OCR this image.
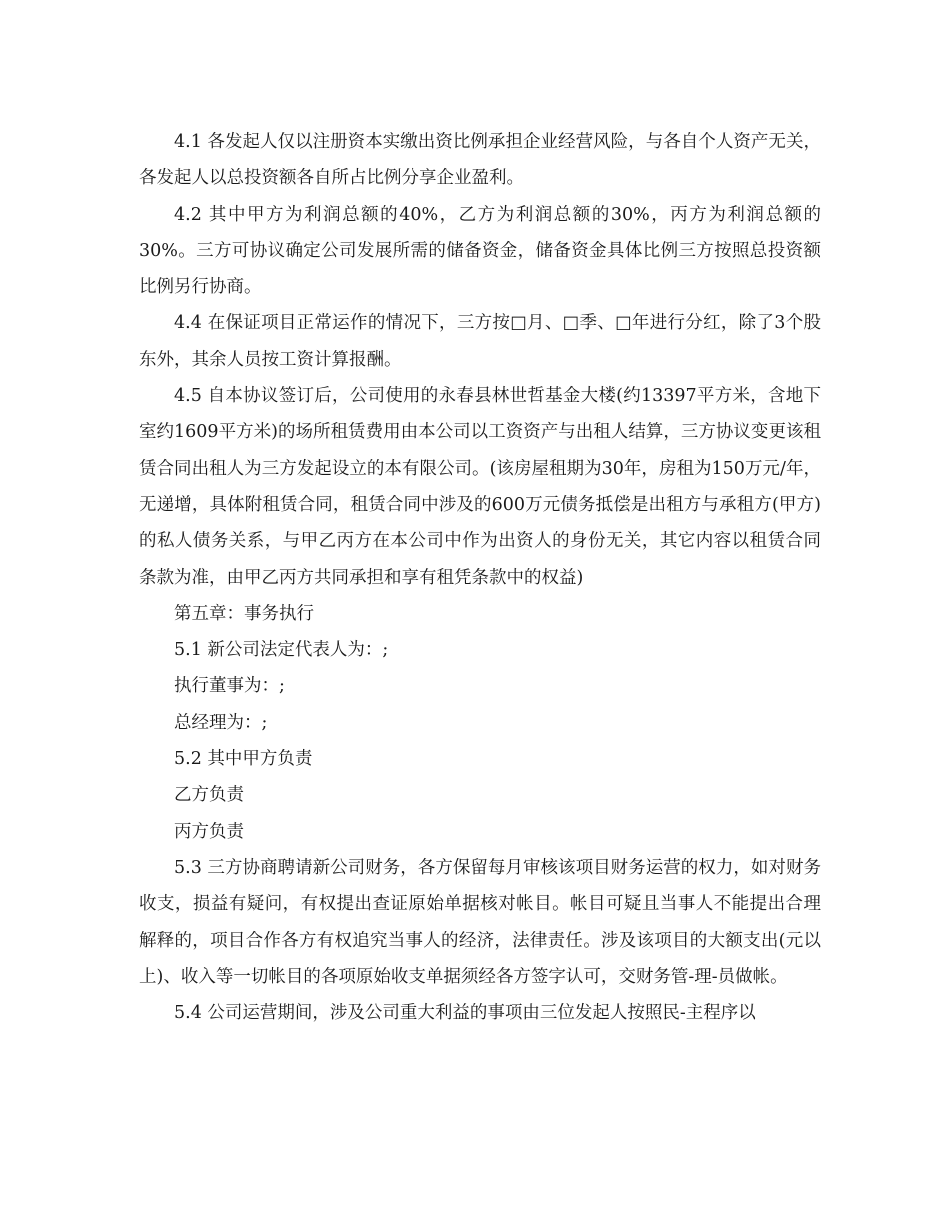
4.1 各发起人仅以注册资本实缴出资比例承担企业经营风险，与各自个人资产无关，各发起人以总投资额各自所占比例分享企业盈利。

4.2 其中甲方为利润总额的40%，乙方为利润总额的30%，丙方为利润总额的30%。三方可协议确定公司发展所需的储备资金，储备资金具体比例三方按照总投资额比例另行协商。

4.4 在保证项目正常运作的情况下，三方按□月、□季、□年进行分红，除了3个股东外，其余人员按工资计算报酬。

4.5 自本协议签订后，公司使用的永春县林世哲基金大楼(约13397平方米，含地下室约1609平方米)的场所租赁费用由本公司以工资资产与出租人结算，三方协议变更该租赁合同出租人为三方发起设立的本有限公司。(该房屋租期为30年，房租为150万元/年，无递增，具体附租赁合同，租赁合同中涉及的600万元债务抵偿是出租方与承租方(甲方)的私人债务关系，与甲乙丙方在本公司中作为出资人的身份无关，其它内容以租赁合同条款为准，由甲乙丙方共同承担和享有租凭条款中的权益)

第五章：事务执行

5.1 新公司法定代表人为：;

执行董事为：;

总经理为：;

5.2 其中甲方负责

乙方负责

丙方负责

5.3 三方协商聘请新公司财务，各方保留每月审核该项目财务运营的权力，如对财务收支，损益有疑问，有权提出查证原始单据核对帐目。帐目可疑且当事人不能提出合理解释的，项目合作各方有权追究当事人的经济，法律责任。涉及该项目的大额支出(元以上)、收入等一切帐目的各项原始收支单据须经各方签字认可，交财务管-理-员做帐。

5.4 公司运营期间，涉及公司重大利益的事项由三位发起人按照民-主程序以
